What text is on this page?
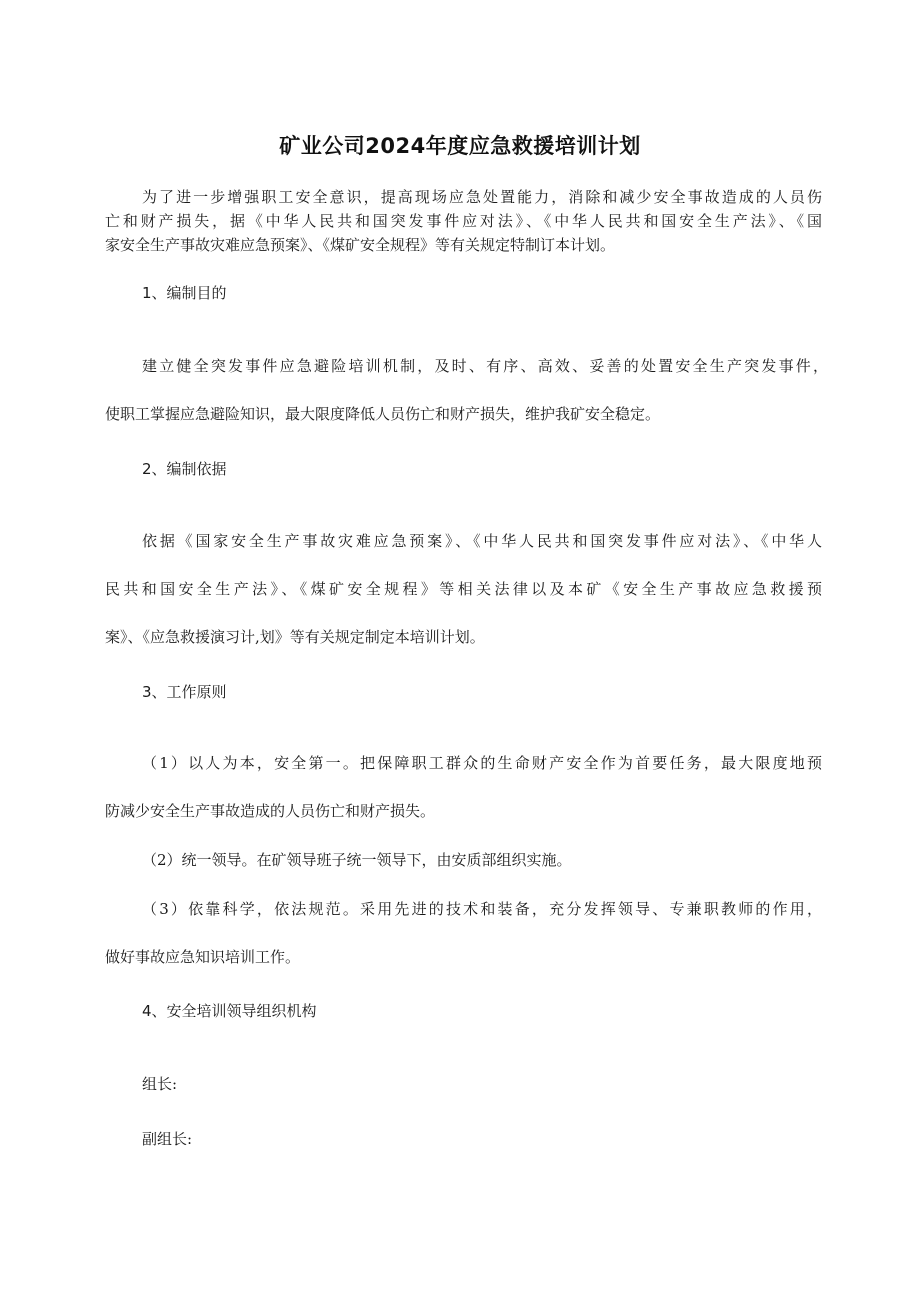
矿业公司2024年度应急救援培训计划

为了进一步增强职工安全意识，提高现场应急处置能力，消除和减少安全事故造成的人员伤

亡和财产损失，据《中华人民共和国突发事件应对法》、《中华人民共和国安全生产法》、《国

家安全生产事故灾难应急预案》、《煤矿安全规程》等有关规定特制订本计划。

1、编制目的

建立健全突发事件应急避险培训机制，及时、有序、高效、妥善的处置安全生产突发事件，

使职工掌握应急避险知识，最大限度降低人员伤亡和财产损失，维护我矿安全稳定。

2、编制依据

依据《国家安全生产事故灾难应急预案》、《中华人民共和国突发事件应对法》、《中华人

民共和国安全生产法》、《煤矿安全规程》等相关法律以及本矿《安全生产事故应急救援预

案》、《应急救援演习计,划》等有关规定制定本培训计划。

3、工作原则

（1）以人为本，安全第一。把保障职工群众的生命财产安全作为首要任务，最大限度地预

防减少安全生产事故造成的人员伤亡和财产损失。

（2）统一领导。在矿领导班子统一领导下，由安质部组织实施。

（3）依靠科学，依法规范。采用先进的技术和装备，充分发挥领导、专兼职教师的作用，

做好事故应急知识培训工作。

4、安全培训领导组织机构

组长:

副组长:
